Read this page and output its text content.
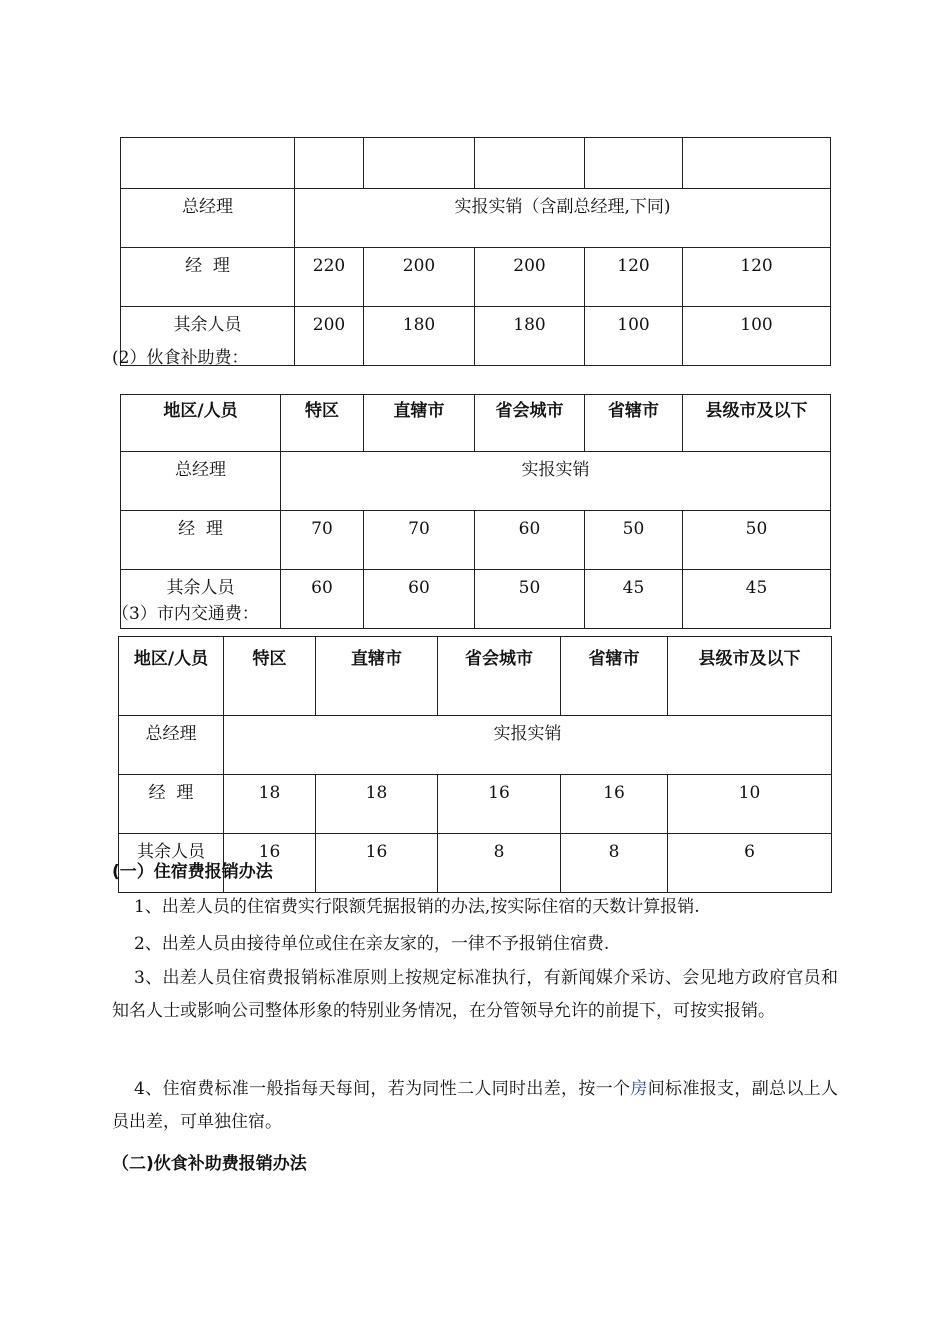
总经理	实报实销（含副总经理,下同)				
经  理	220	200	200	120	120
其余人员	200	180	180	100	100
(2）伙食补助费：
地区/人员	特区	直辖市	省会城市	省辖市	县级市及以下
总经理	实报实销				
经  理	70	70	60	50	50
其余人员	60	60	50	45	45
（3）市内交通费：
地区/人员	特区	直辖市	省会城市	省辖市	县级市及以下
总经理	实报实销				
经  理	18	18	16	16	10
其余人员	16	16	8	8	6
(一）住宿费报销办法
1、出差人员的住宿费实行限额凭据报销的办法,按实际住宿的天数计算报销.
2、出差人员由接待单位或住在亲友家的，一律不予报销住宿费.
3、出差人员住宿费报销标准原则上按规定标准执行，有新闻媒介采访、会见地方政府官员和知名人士或影响公司整体形象的特别业务情况，在分管领导允许的前提下，可按实报销。
4、住宿费标准一般指每天每间，若为同性二人同时出差，按一个房间标准报支，副总以上人员出差，可单独住宿。
（二)伙食补助费报销办法
